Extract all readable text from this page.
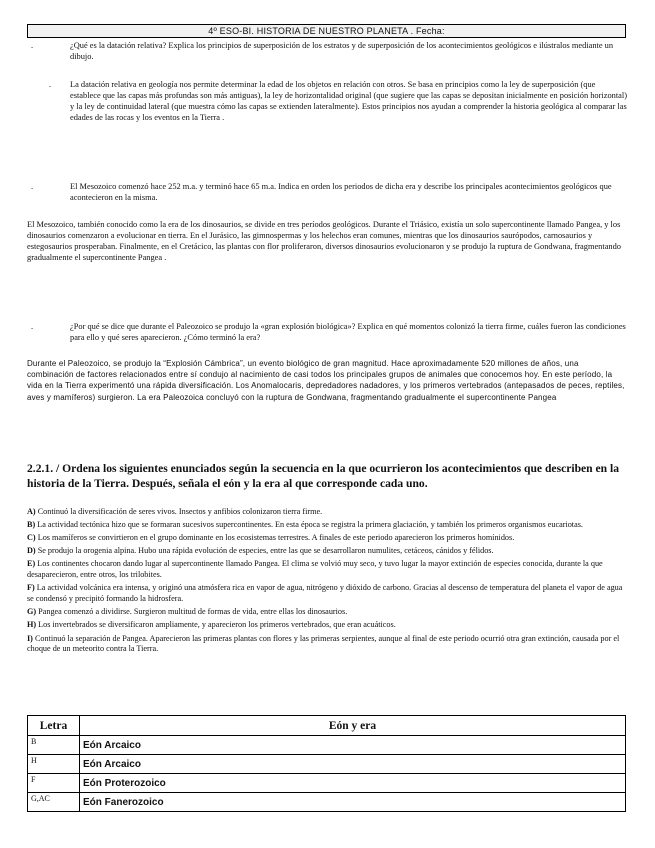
4º ESO-BI. HISTORIA DE NUESTRO PLANETA . Fecha:
.	¿Qué es la datación relativa? Explica los principios de superposición de los estratos y de superposición de los acontecimientos geológicos e ilústralos mediante un dibujo.
. La datación relativa en geología nos permite determinar la edad de los objetos en relación con otros. Se basa en principios como la ley de superposición (que establece que las capas más profundas son más antiguas), la ley de horizontalidad original (que sugiere que las capas se depositan inicialmente en posición horizontal) y la ley de continuidad lateral (que muestra cómo las capas se extienden lateralmente). Estos principios nos ayudan a comprender la historia geológica al comparar las edades de las rocas y los eventos en la Tierra .
.	El Mesozoico comenzó hace 252 m.a. y terminó hace 65 m.a. Indica en orden los periodos de dicha era y describe los principales acontecimientos geológicos que acontecieron en la misma.
El Mesozoico, también conocido como la era de los dinosaurios, se divide en tres períodos geológicos. Durante el Triásico, existía un solo supercontinente llamado Pangea, y los dinosaurios comenzaron a evolucionar en tierra. En el Jurásico, las gimnospermas y los helechos eran comunes, mientras que los dinosaurios saurópodos, carnosaurios y estegosaurios prosperaban. Finalmente, en el Cretácico, las plantas con flor proliferaron, diversos dinosaurios evolucionaron y se produjo la ruptura de Gondwana, fragmentando gradualmente el supercontinente Pangea .
.	¿Por qué se dice que durante el Paleozoico se produjo la «gran explosión biológica»? Explica en qué momentos colonizó la tierra firme, cuáles fueron las condiciones para ello y qué seres aparecieron. ¿Cómo terminó la era?
Durante el Paleozoico, se produjo la “Explosión Cámbrica”, un evento biológico de gran magnitud. Hace aproximadamente 520 millones de años, una combinación de factores relacionados entre sí condujo al nacimiento de casi todos los principales grupos de animales que conocemos hoy. En este período, la vida en la Tierra experimentó una rápida diversificación. Los Anomalocaris, depredadores nadadores, y los primeros vertebrados (antepasados de peces, reptiles, aves y mamíferos) surgieron. La era Paleozoica concluyó con la ruptura de Gondwana, fragmentando gradualmente el supercontinente Pangea
2.2.1. / Ordena los siguientes enunciados según la secuencia en la que ocurrieron los acontecimientos que describen en la historia de la Tierra. Después, señala el eón y la era al que corresponde cada uno.
A) Continuó la diversificación de seres vivos. Insectos y anfibios colonizaron tierra firme.
B) La actividad tectónica hizo que se formaran sucesivos supercontinentes. En esta época se registra la primera glaciación, y también los primeros organismos eucariotas.
C) Los mamíferos se convirtieron en el grupo dominante en los ecosistemas terrestres. A finales de este periodo aparecieron los primeros homínidos.
D) Se produjo la orogenia alpina. Hubo una rápida evolución de especies, entre las que se desarrollaron numulites, cetáceos, cánidos y félidos.
E) Los continentes chocaron dando lugar al supercontinente llamado Pangea. El clima se volvió muy seco, y tuvo lugar la mayor extinción de especies conocida, durante la que desaparecieron, entre otros, los trilobites.
F) La actividad volcánica era intensa, y originó una atmósfera rica en vapor de agua, nitrógeno y dióxido de carbono. Gracias al descenso de temperatura del planeta el vapor de agua se condensó y precipitó formando la hidrosfera.
G) Pangea comenzó a dividirse. Surgieron multitud de formas de vida, entre ellas los dinosaurios.
H) Los invertebrados se diversificaron ampliamente, y aparecieron los primeros vertebrados, que eran acuáticos.
I) Continuó la separación de Pangea. Aparecieron las primeras plantas con flores y las primeras serpientes, aunque al final de este periodo ocurrió otra gran extinción, causada por el choque de un meteorito contra la Tierra.
Letra	Eón y era
B	Eón Arcaico
H	Eón Arcaico
F	Eón Proterozoico
G,AC	Eón Fanerozoico
